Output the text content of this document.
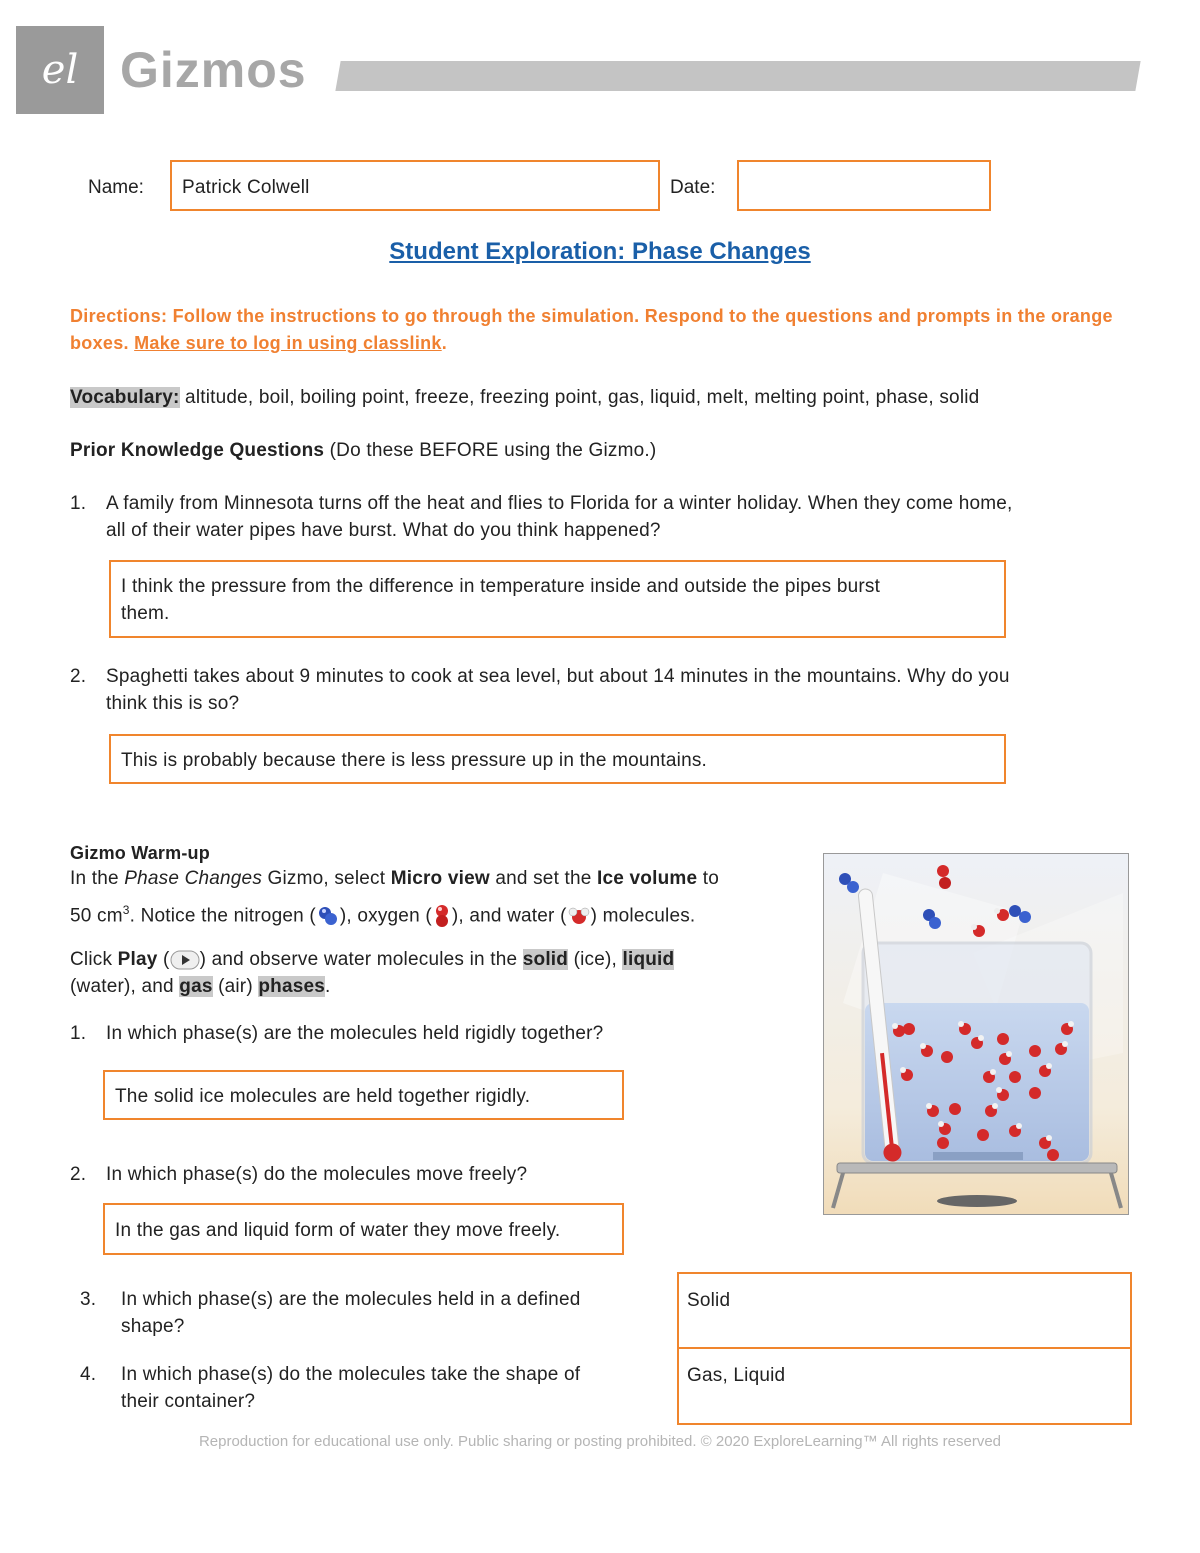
el Gizmos
Name:	Patrick Colwell	Date:
Student Exploration: Phase Changes
Directions: Follow the instructions to go through the simulation. Respond to the questions and prompts in the orange boxes. Make sure to log in using classlink.
Vocabulary: altitude, boil, boiling point, freeze, freezing point, gas, liquid, melt, melting point, phase, solid
Prior Knowledge Questions (Do these BEFORE using the Gizmo.)
1. A family from Minnesota turns off the heat and flies to Florida for a winter holiday. When they come home,
all of their water pipes have burst. What do you think happened?
I think the pressure from the difference in temperature inside and outside the pipes burst
them.
2. Spaghetti takes about 9 minutes to cook at sea level, but about 14 minutes in the mountains. Why do you
think this is so?
This is probably because there is less pressure up in the mountains.
Gizmo Warm-up
In the Phase Changes Gizmo, select Micro view and set the Ice volume to
50 $cm^3$. Notice the nitrogen ( ), oxygen ( ), and water ( ) molecules.
Click Play ( ) and observe water molecules in the solid (ice), liquid
(water), and gas (air) phases.
1. In which phase(s) are the molecules held rigidly together?
The solid ice molecules are held together rigidly.
2. In which phase(s) do the molecules move freely?
In the gas and liquid form of water they move freely.
3. In which phase(s) are the molecules held in a defined
shape?
4. In which phase(s) do the molecules take the shape of
their container?
Solid
Gas, Liquid
Reproduction for educational use only. Public sharing or posting prohibited. © 2020 ExploreLearning™ All rights reserved
